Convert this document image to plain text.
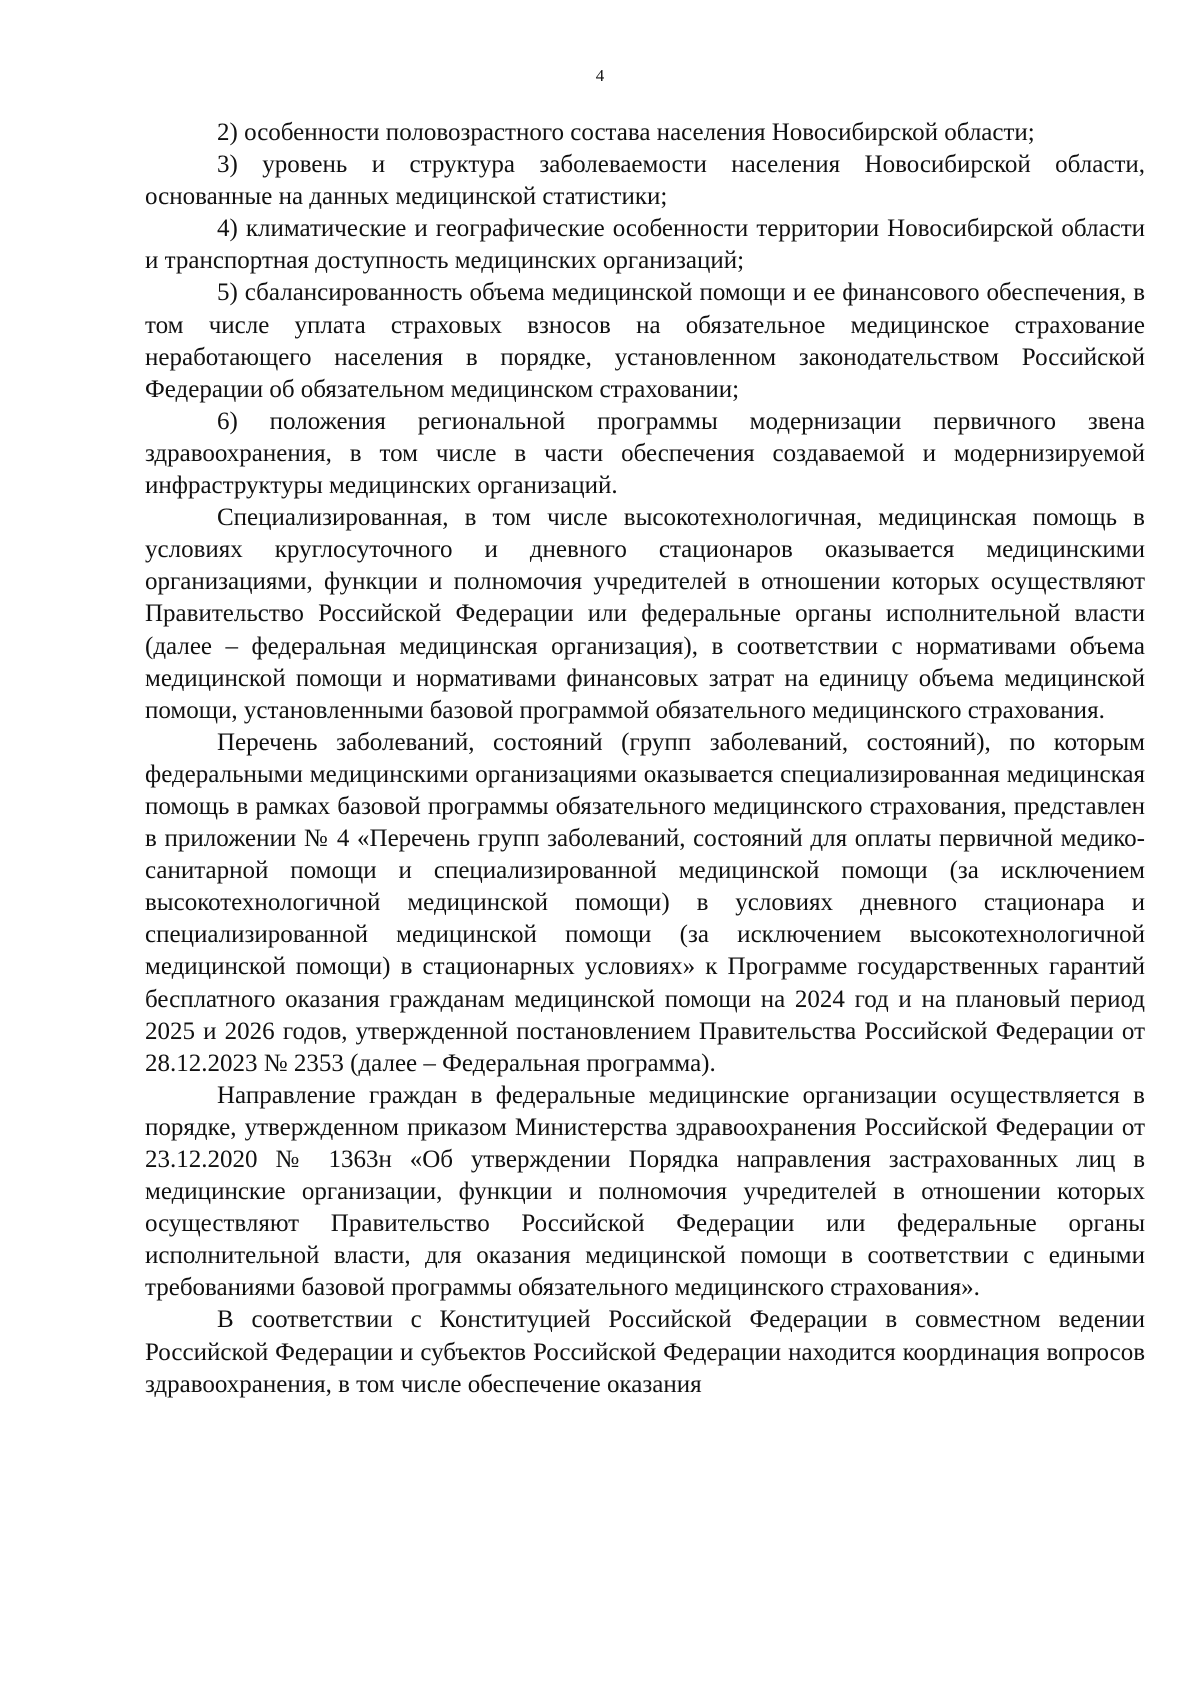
4

2) особенности половозрастного состава населения Новосибирской области;

3) уровень и структура заболеваемости населения Новосибирской области, основанные на данных медицинской статистики;

4) климатические и географические особенности территории Новосибирской области и транспортная доступность медицинских организаций;

5) сбалансированность объема медицинской помощи и ее финансового обеспечения, в том числе уплата страховых взносов на обязательное медицинское страхование неработающего населения в порядке, установленном законодательством Российской Федерации об обязательном медицинском страховании;

6) положения региональной программы модернизации первичного звена здравоохранения, в том числе в части обеспечения создаваемой и модернизируемой инфраструктуры медицинских организаций.

Специализированная, в том числе высокотехнологичная, медицинская помощь в условиях круглосуточного и дневного стационаров оказывается медицинскими организациями, функции и полномочия учредителей в отношении которых осуществляют Правительство Российской Федерации или федеральные органы исполнительной власти (далее – федеральная медицинская организация), в соответствии с нормативами объема медицинской помощи и нормативами финансовых затрат на единицу объема медицинской помощи, установленными базовой программой обязательного медицинского страхования.

Перечень заболеваний, состояний (групп заболеваний, состояний), по которым федеральными медицинскими организациями оказывается специализированная медицинская помощь в рамках базовой программы обязательного медицинского страхования, представлен в приложении № 4 «Перечень групп заболеваний, состояний для оплаты первичной медико-санитарной помощи и специализированной медицинской помощи (за исключением высокотехнологичной медицинской помощи) в условиях дневного стационара и специализированной медицинской помощи (за исключением высокотехнологичной медицинской помощи) в стационарных условиях» к Программе государственных гарантий бесплатного оказания гражданам медицинской помощи на 2024 год и на плановый период 2025 и 2026 годов, утвержденной постановлением Правительства Российской Федерации от 28.12.2023 № 2353 (далее – Федеральная программа).

Направление граждан в федеральные медицинские организации осуществляется в порядке, утвержденном приказом Министерства здравоохранения Российской Федерации от 23.12.2020 № 1363н «Об утверждении Порядка направления застрахованных лиц в медицинские организации, функции и полномочия учредителей в отношении которых осуществляют Правительство Российской Федерации или федеральные органы исполнительной власти, для оказания медицинской помощи в соответствии с едиными требованиями базовой программы обязательного медицинского страхования».

В соответствии с Конституцией Российской Федерации в совместном ведении Российской Федерации и субъектов Российской Федерации находится координация вопросов здравоохранения, в том числе обеспечение оказания
